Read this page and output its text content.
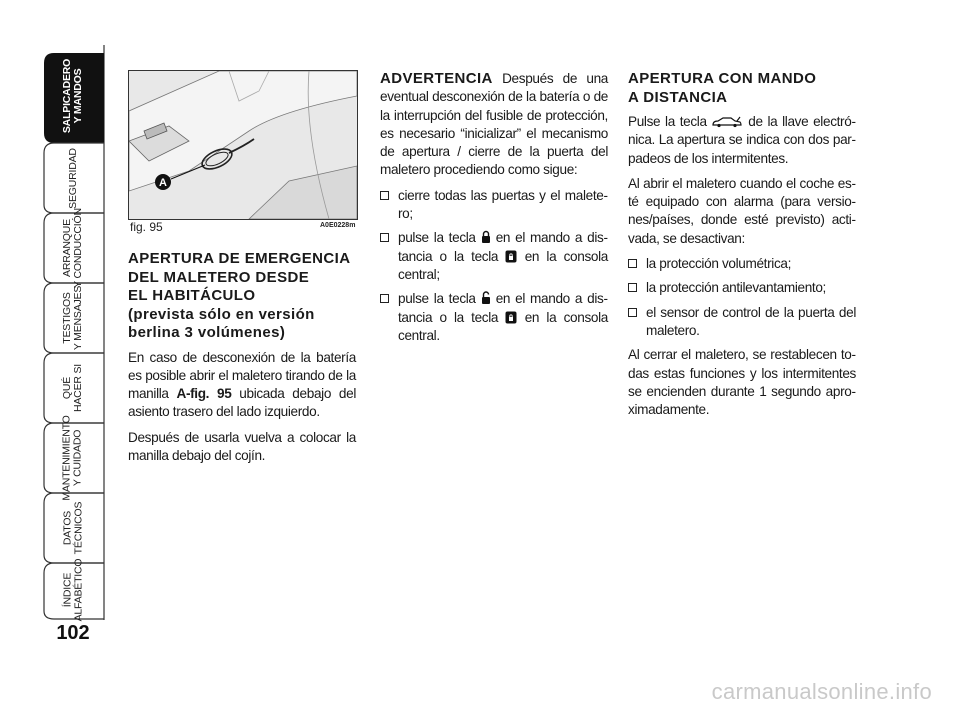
SALPICADERO
Y MANDOS
SEGURIDAD
ARRANQUE
Y CONDUCCIÓN
TESTIGOS
Y MENSAJES
QUÉ
HACER SI
MANTENIMIENTO
Y CUIDADO
DATOS
TÉCNICOS
ÍNDICE
ALFABÉTICO
102
A
fig. 95	A0E0228m
APERTURA DE EMERGENCIA
DEL MALETERO DESDE
EL HABITÁCULO
(prevista sólo en versión
berlina 3 volúmenes)
En caso de desconexión de la batería es posible abrir el maletero tirando de la manilla A-fig. 95 ubicada debajo del asiento trasero del lado izquierdo.
Después de usarla vuelva a colocar la manilla debajo del cojín.
ADVERTENCIA Después de una eventual desconexión de la batería o de la interrupción del fusible de protección, es necesario “inicializar” el mecanismo de apertura / cierre de la puerta del maletero procediendo como sigue:
cierre todas las puertas y el maletero;
pulse la tecla  en el mando a distancia o la tecla  en la consola central;
pulse la tecla  en el mando a distancia o la tecla  en la consola central.
APERTURA CON MANDO
A DISTANCIA
Pulse la tecla  de la llave electrónica. La apertura se indica con dos parpadeos de los intermitentes.
Al abrir el maletero cuando el coche esté equipado con alarma (para versiones/países, donde esté previsto) activada, se desactivan:
la protección volumétrica;
la protección antilevantamiento;
el sensor de control de la puerta del maletero.
Al cerrar el maletero, se restablecen todas estas funciones y los intermitentes se encienden durante 1 segundo aproximadamente.
carmanualsonline.info
